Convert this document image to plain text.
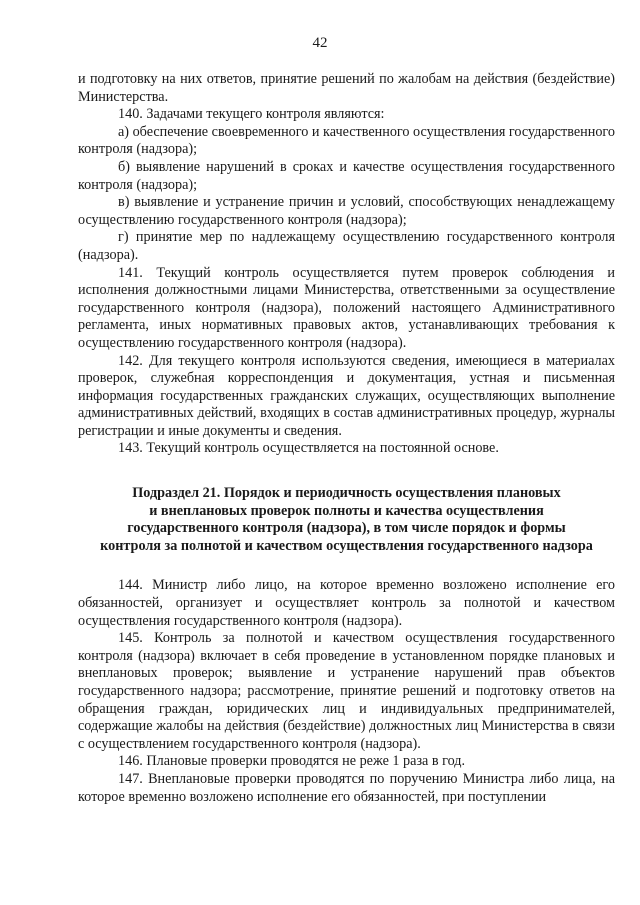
42

и подготовку на них ответов, принятие решений по жалобам на действия (бездействие) Министерства.

140. Задачами текущего контроля являются:

а) обеспечение своевременного и качественного осуществления государственного контроля (надзора);

б) выявление нарушений в сроках и качестве осуществления государственного контроля (надзора);

в) выявление и устранение причин и условий, способствующих ненадлежащему осуществлению государственного контроля (надзора);

г) принятие мер по надлежащему осуществлению государственного контроля (надзора).

141. Текущий контроль осуществляется путем проверок соблюдения и исполнения должностными лицами Министерства, ответственными за осуществление государственного контроля (надзора), положений настоящего Административного регламента, иных нормативных правовых актов, устанавливающих требования к осуществлению государственного контроля (надзора).

142. Для текущего контроля используются сведения, имеющиеся в материалах проверок, служебная корреспонденция и документация, устная и письменная информация государственных гражданских служащих, осуществляющих выполнение административных действий, входящих в состав административных процедур, журналы регистрации и иные документы и сведения.

143. Текущий контроль осуществляется на постоянной основе.

Подраздел 21. Порядок и периодичность осуществления плановых
и внеплановых проверок полноты и качества осуществления
государственного контроля (надзора), в том числе порядок и формы
контроля за полнотой и качеством осуществления государственного надзора

144. Министр либо лицо, на которое временно возложено исполнение его обязанностей, организует и осуществляет контроль за полнотой и качеством осуществления государственного контроля (надзора).

145. Контроль за полнотой и качеством осуществления государственного контроля (надзора) включает в себя проведение в установленном порядке плановых и внеплановых проверок; выявление и устранение нарушений прав объектов государственного надзора; рассмотрение, принятие решений и подготовку ответов на обращения граждан, юридических лиц и индивидуальных предпринимателей, содержащие жалобы на действия (бездействие) должностных лиц Министерства в связи с осуществлением государственного контроля (надзора).

146. Плановые проверки проводятся не реже 1 раза в год.

147. Внеплановые проверки проводятся по поручению Министра либо лица, на которое временно возложено исполнение его обязанностей, при поступлении
